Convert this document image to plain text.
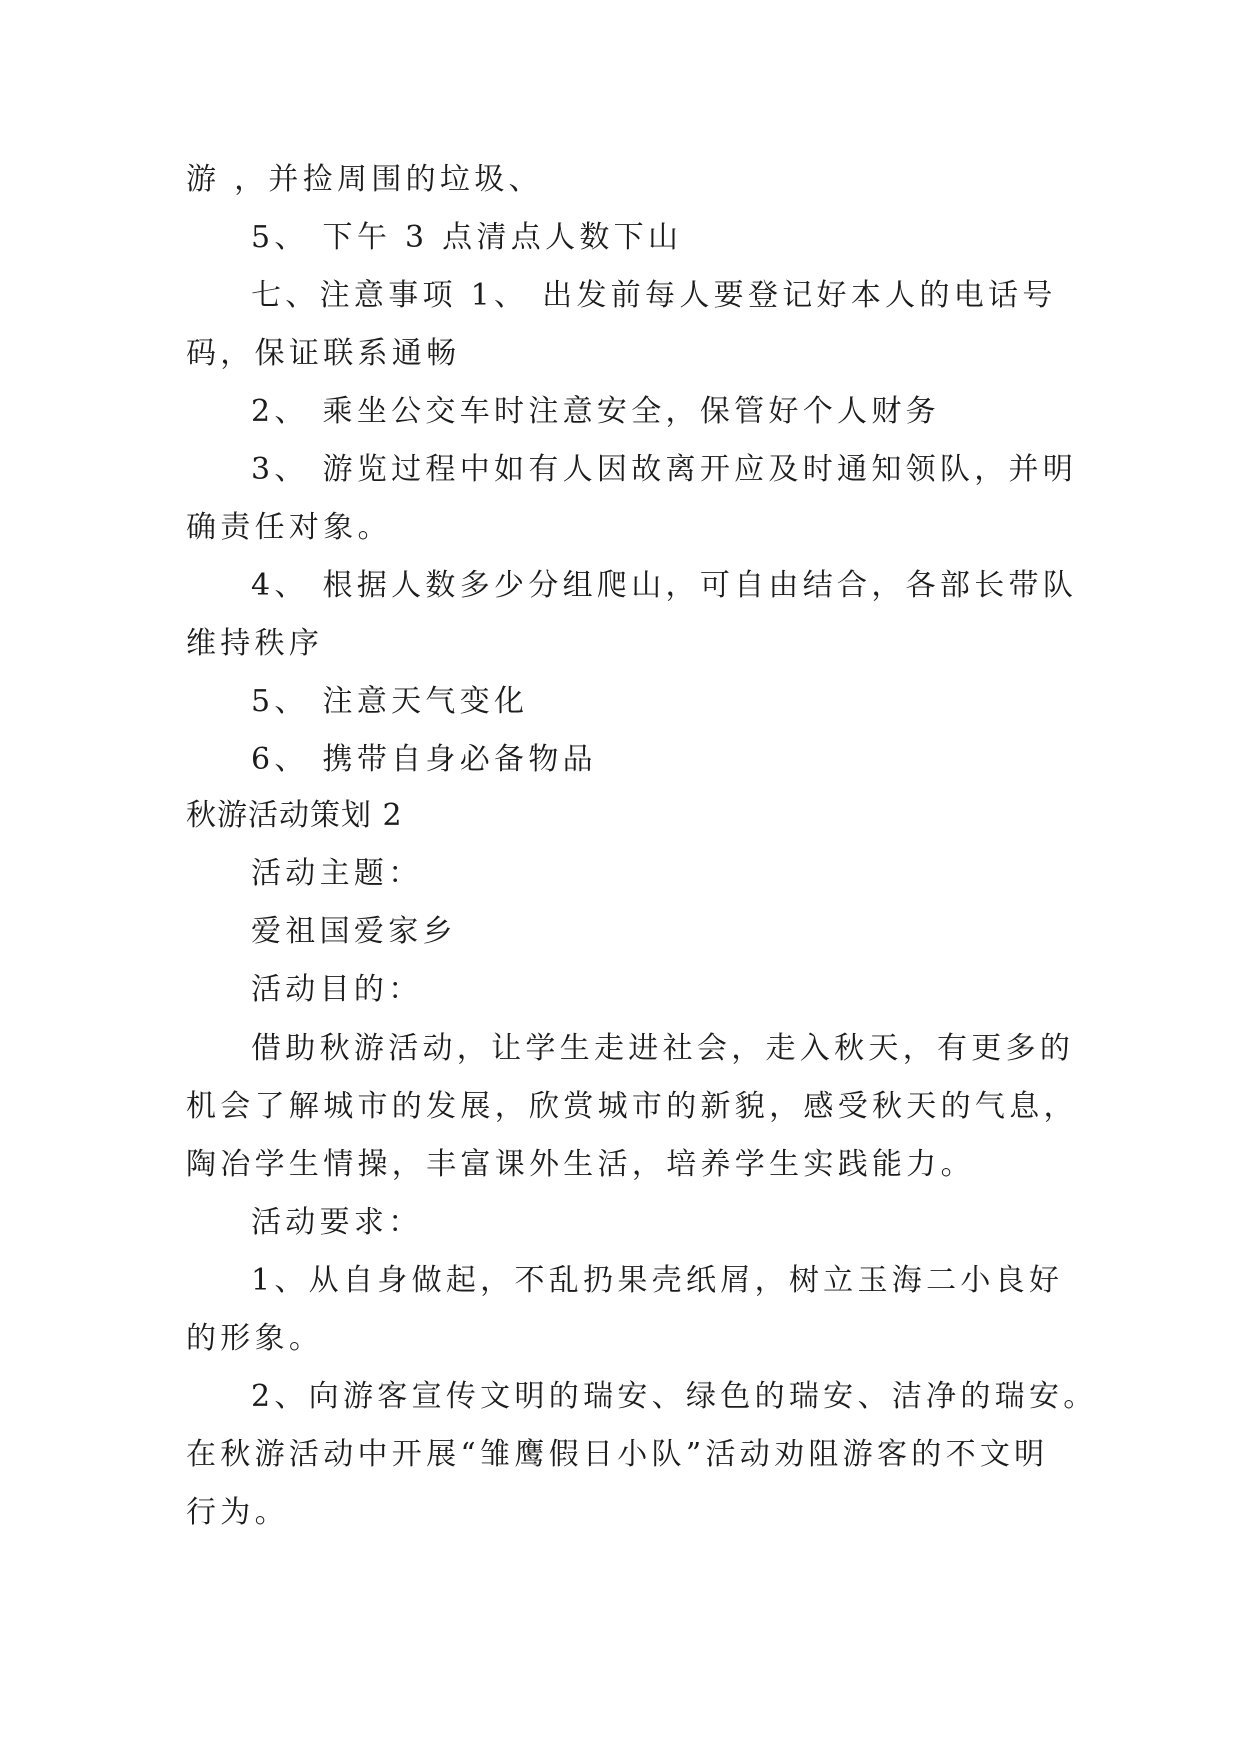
游 ，并捡周围的垃圾、
5、 下午 3 点清点人数下山
七、注意事项 1、 出发前每人要登记好本人的电话号
码，保证联系通畅
2、 乘坐公交车时注意安全，保管好个人财务
3、 游览过程中如有人因故离开应及时通知领队，并明
确责任对象。
4、 根据人数多少分组爬山，可自由结合，各部长带队
维持秩序
5、 注意天气变化
6、 携带自身必备物品
秋游活动策划 2
活动主题：
爱祖国爱家乡
活动目的：
借助秋游活动，让学生走进社会，走入秋天，有更多的
机会了解城市的发展，欣赏城市的新貌，感受秋天的气息，
陶冶学生情操，丰富课外生活，培养学生实践能力。
活动要求：
1、从自身做起，不乱扔果壳纸屑，树立玉海二小良好
的形象。
2、向游客宣传文明的瑞安、绿色的瑞安、洁净的瑞安。
在秋游活动中开展“雏鹰假日小队”活动劝阻游客的不文明
行为。
